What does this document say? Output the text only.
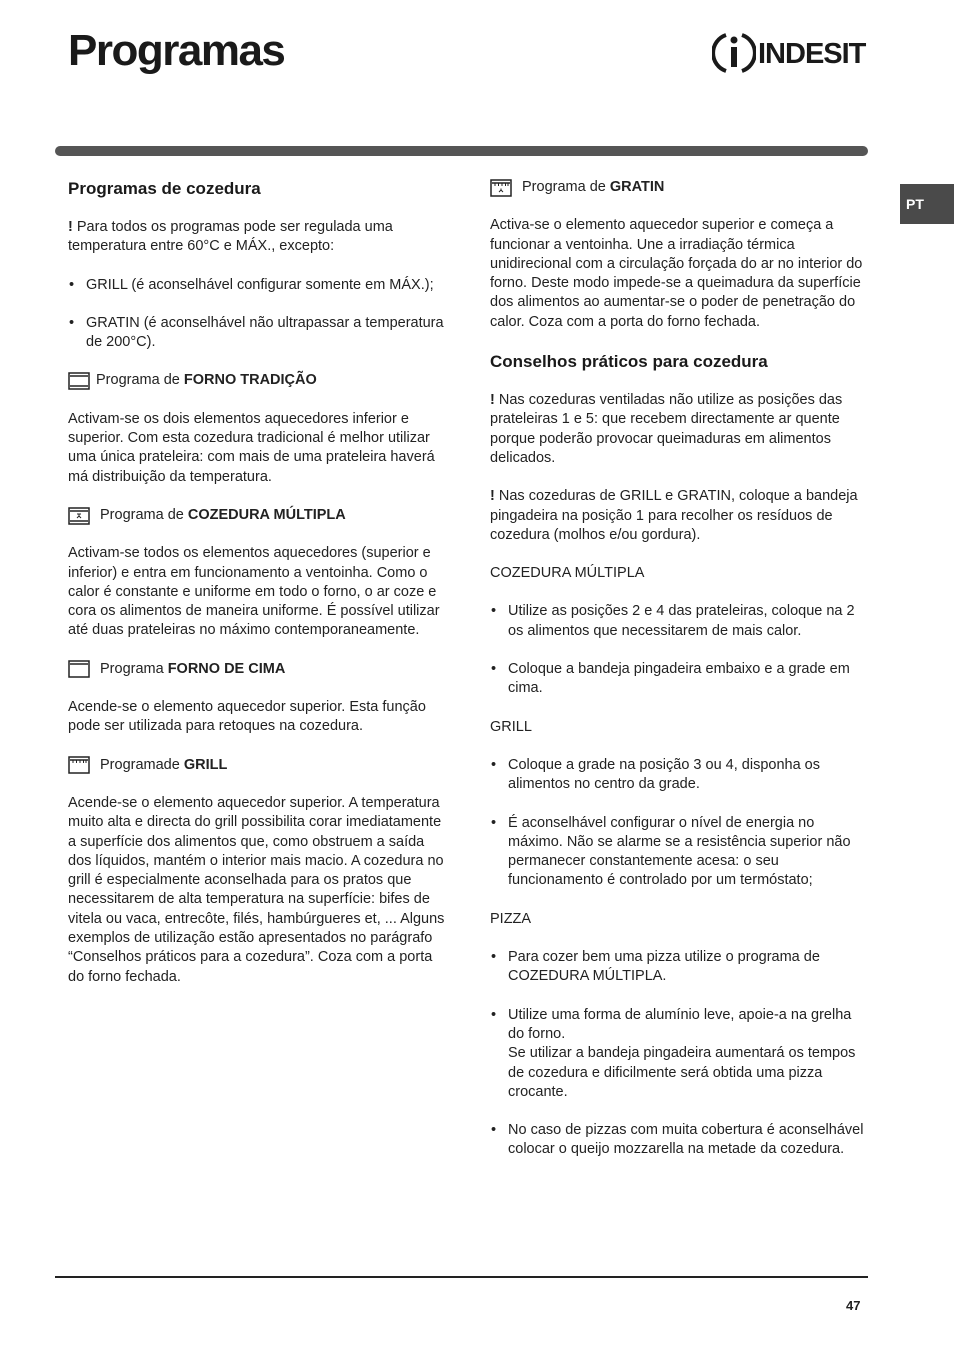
Programas	INDESIT
PT
Programas de cozedura

! Para todos os programas pode ser regulada uma temperatura entre 60°C e MÁX., excepto:

• GRILL (é aconselhável configurar somente em MÁX.);
• GRATIN (é aconselhável não ultrapassar a temperatura de 200°C).
Programa de
FORNO TRADIÇÃO

Activam-se os dois elementos aquecedores inferior e superior. Com esta cozedura tradicional é melhor utilizar uma única prateleira: com mais de uma prateleira haverá má distribuição da temperatura.

Programa de
COZEDURA MÚLTIPLA

Activam-se todos os elementos aquecedores (superior e inferior) e entra em funcionamento a ventoinha. Como o calor é constante e uniforme em todo o forno, o ar coze e cora os alimentos de maneira uniforme. É possível utilizar até duas prateleiras no máximo contemporaneamente.

Programa
FORNO DE CIMA

Acende-se o elemento aquecedor superior. Esta função pode ser utilizada para retoques na cozedura.

Programade
GRILL

Acende-se o elemento aquecedor superior. A temperatura muito alta e directa do grill possibilita corar imediatamente a superfície dos alimentos que, como obstruem a saída dos líquidos, mantém o interior mais macio. A cozedura no grill é especialmente aconselhada para os pratos que necessitarem de alta temperatura na superfície: bifes de vitela ou vaca, entrecôte, filés, hambúrgueres et, ... Alguns exemplos de utilização estão apresentados no parágrafo “Conselhos práticos para a cozedura”. Coza com a porta do forno fechada.

Programa de
GRATIN

Activa-se o elemento aquecedor superior e começa a funcionar a ventoinha. Une a irradiação térmica unidirecional com a circulação forçada do ar no interior do forno. Deste modo impede-se a queimadura da superfície dos alimentos ao aumentar-se o poder de penetração do calor. Coza com a porta do forno fechada.

Conselhos práticos para cozedura

! Nas cozeduras ventiladas não utilize as posições das prateleiras 1 e 5: que recebem directamente ar quente porque poderão provocar queimaduras em alimentos delicados.

! Nas cozeduras de GRILL e GRATIN, coloque a bandeja pingadeira na posição 1 para recolher os resíduos de cozedura (molhos e/ou gordura).

COZEDURA MÚLTIPLA

• Utilize as posições 2 e 4 das prateleiras, coloque na 2 os alimentos que necessitarem de mais calor.
• Coloque a bandeja pingadeira embaixo e a grade em cima.

GRILL

• Coloque a grade na posição 3 ou 4, disponha os alimentos no centro da grade.
• É aconselhável configurar o nível de energia no máximo. Não se alarme se a resistência superior não permanecer constantemente acesa: o seu funcionamento é controlado por um termóstato;

PIZZA

• Para cozer bem uma pizza utilize o programa de COZEDURA MÚLTIPLA.
• Utilize uma forma de alumínio leve, apoie-a na grelha do forno.
Se utilizar a bandeja pingadeira aumentará os tempos de cozedura e dificilmente será obtida uma pizza crocante.
• No caso de pizzas com muita cobertura é aconselhável colocar o queijo mozzarella na metade da cozedura.
47
